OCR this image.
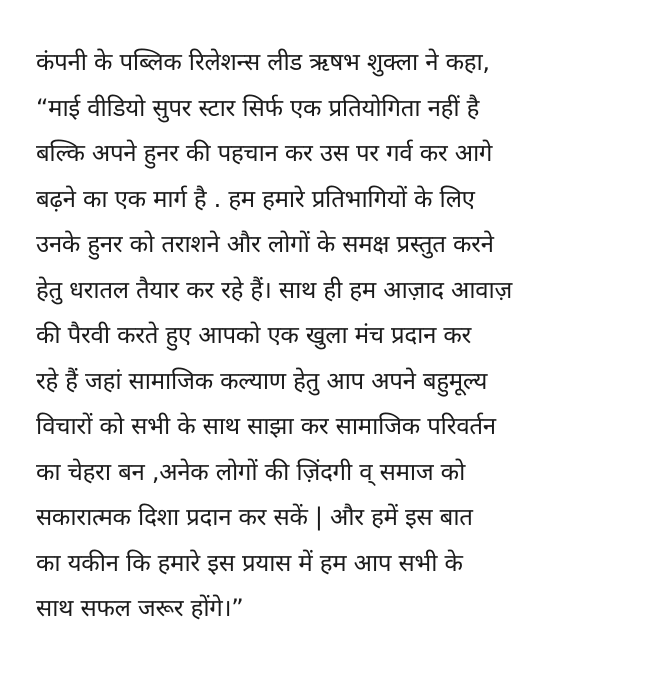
कंपनी के पब्लिक रिलेशन्स लीड ऋषभ शुक्ला ने कहा,
“माई वीडियो सुपर स्टार सिर्फ एक प्रतियोगिता नहीं है
बल्कि अपने हुनर की पहचान कर उस पर गर्व कर आगे
बढ़ने का एक मार्ग है . हम हमारे प्रतिभागियों के लिए
उनके हुनर को तराशने और लोगों के समक्ष प्रस्तुत करने
हेतु धरातल तैयार कर रहे हैं। साथ ही हम आज़ाद आवाज़
की पैरवी करते हुए आपको एक खुला मंच प्रदान कर
रहे हैं जहां सामाजिक कल्याण हेतु आप अपने बहुमूल्य
विचारों को सभी के साथ साझा कर सामाजिक परिवर्तन
का चेहरा बन ,अनेक लोगों की ज़िंदगी व् समाज को
सकारात्मक दिशा प्रदान कर सकें | और हमें इस बात
का यकीन कि हमारे इस प्रयास में हम आप सभी के
साथ सफल जरूर होंगे।”
